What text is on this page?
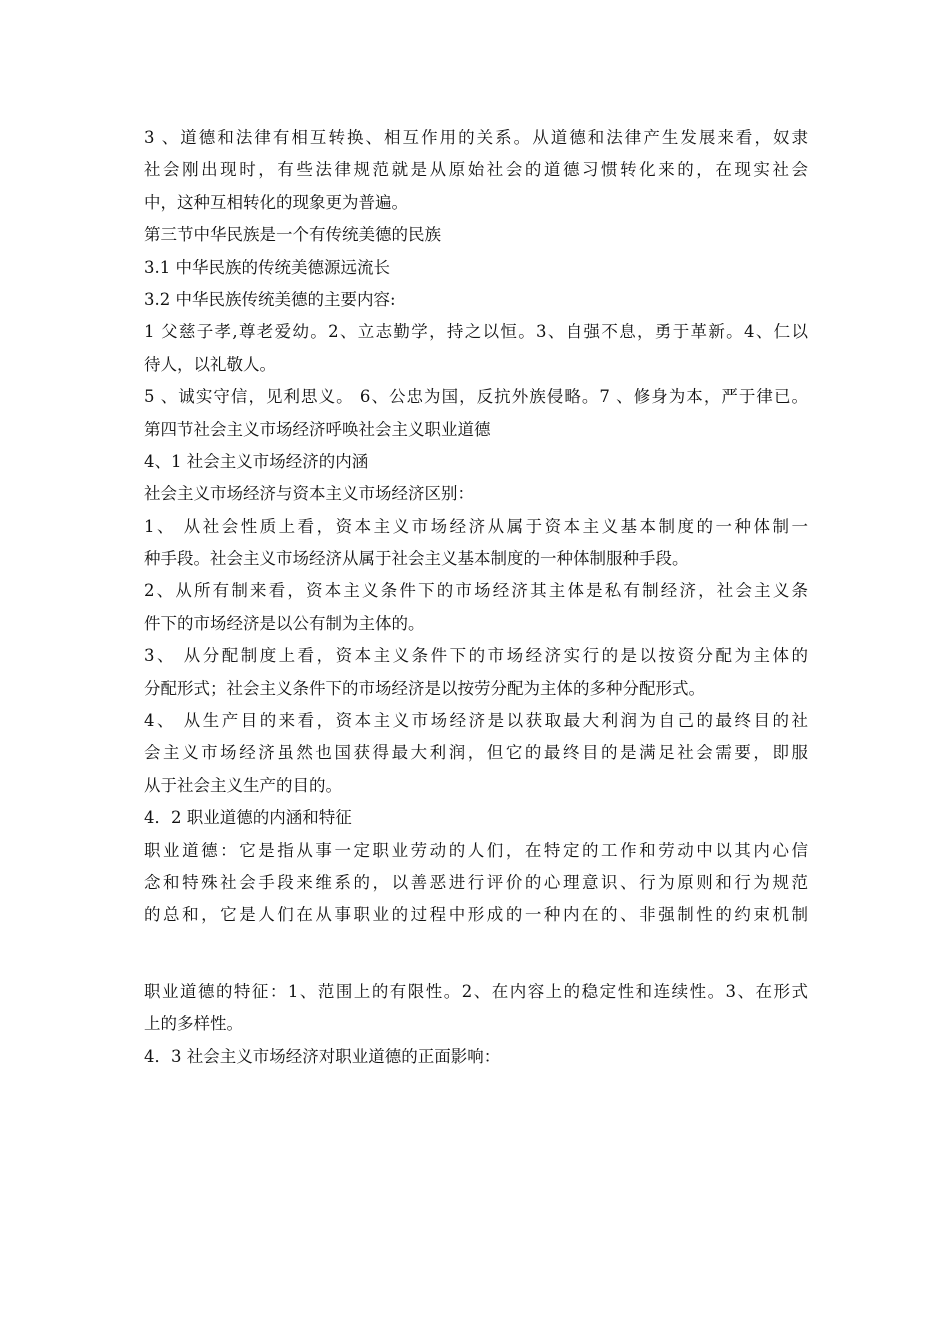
3 、道德和法律有相互转换、相互作用的关系。从道德和法律产生发展来看，奴隶
社会刚出现时，有些法律规范就是从原始社会的道德习惯转化来的，在现实社会
中，这种互相转化的现象更为普遍。
第三节中华民族是一个有传统美德的民族
3.1 中华民族的传统美德源远流长
3.2 中华民族传统美德的主要内容:
1 父慈子孝,尊老爱幼。2、立志勤学，持之以恒。3、自强不息，勇于革新。4、仁以
待人，以礼敬人。
5 、诚实守信，见利思义。 6、公忠为国，反抗外族侵略。7 、修身为本，严于律已。
第四节社会主义市场经济呼唤社会主义职业道德
4、1 社会主义市场经济的内涵
社会主义市场经济与资本主义市场经济区别：
1、 从社会性质上看，资本主义市场经济从属于资本主义基本制度的一种体制一
种手段。社会主义市场经济从属于社会主义基本制度的一种体制服种手段。
2、从所有制来看，资本主义条件下的市场经济其主体是私有制经济，社会主义条
件下的市场经济是以公有制为主体的。
3、 从分配制度上看，资本主义条件下的市场经济实行的是以按资分配为主体的
分配形式；社会主义条件下的市场经济是以按劳分配为主体的多种分配形式。
4、 从生产目的来看，资本主义市场经济是以获取最大利润为自己的最终目的社
会主义市场经济虽然也国获得最大利润，但它的最终目的是满足社会需要，即服
从于社会主义生产的目的。
4．2 职业道德的内涵和特征
职业道德：它是指从事一定职业劳动的人们，在特定的工作和劳动中以其内心信
念和特殊社会手段来维系的，以善恶进行评价的心理意识、行为原则和行为规范
的总和，它是人们在从事职业的过程中形成的一种内在的、非强制性的约束机制
职业道德的特征：1、范围上的有限性。2、在内容上的稳定性和连续性。3、在形式
上的多样性。
4．3 社会主义市场经济对职业道德的正面影响：
